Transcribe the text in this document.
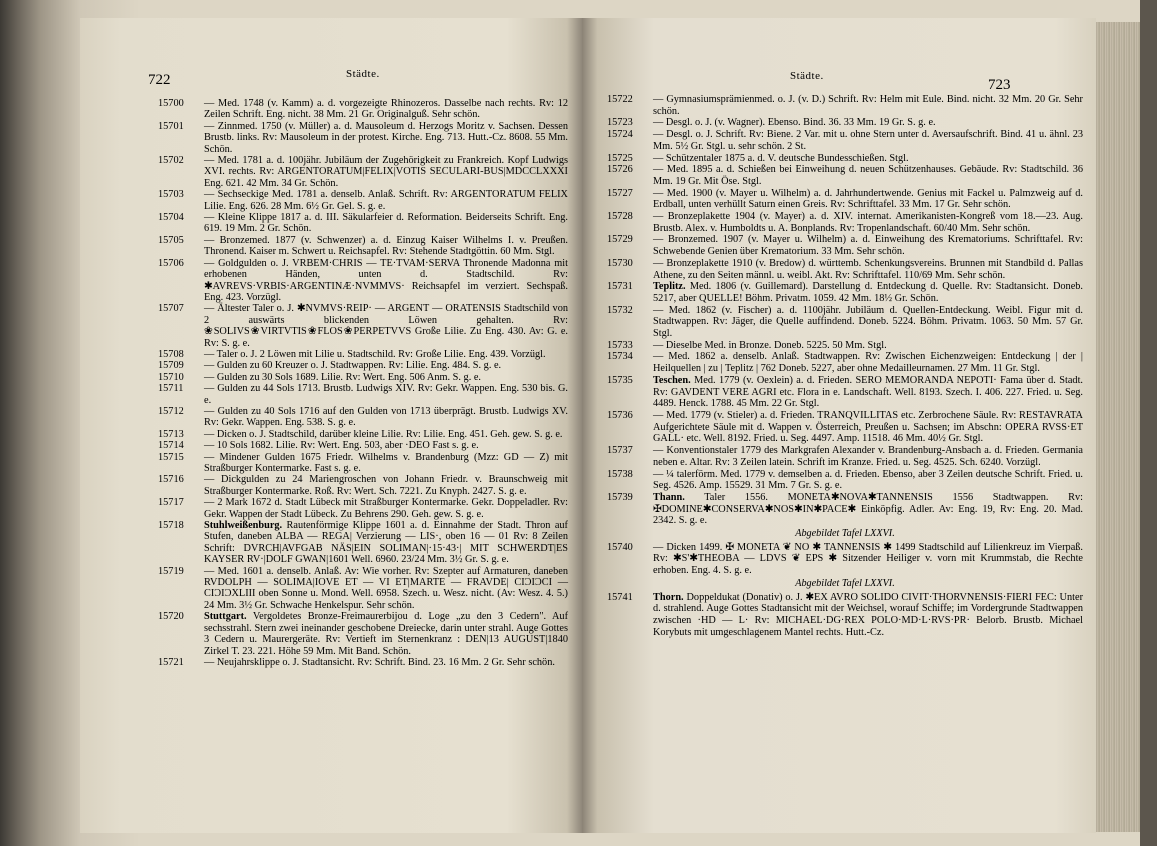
722	Städte.
723
Städte.
15700	— Med. 1748 (v. Kamm) a. d. vorgezeigte Rhinozeros. Dasselbe nach rechts. Rv: 12 Zeilen Schrift. Eng. nicht. 38 Mm. 21 Gr. Originalguß. Sehr schön.
15701	— Zinnmed. 1750 (v. Müller) a. d. Mausoleum d. Herzogs Moritz v. Sachsen. Dessen Brustb. links. Rv: Mausoleum in der protest. Kirche. Eng. 713. Hutt.-Cz. 8608. 55 Mm. Schön.
15702	— Med. 1781 a. d. 100jähr. Jubiläum der Zugehörigkeit zu Frankreich. Kopf Ludwigs XVI. rechts. Rv: ARGENTORATUM|FELIX|VOTIS SECULARI-BUS|MDCCLXXXI Eng. 621. 42 Mm. 34 Gr. Schön.
15703	— Sechseckige Med. 1781 a. denselb. Anlaß. Schrift. Rv: ARGENTORATUM FELIX Lilie. Eng. 626. 28 Mm. 6½ Gr. Gel. S. g. e.
15704	— Kleine Klippe 1817 a. d. III. Säkularfeier d. Reformation. Beiderseits Schrift. Eng. 619. 19 Mm. 2 Gr. Schön.
15705	— Bronzemed. 1877 (v. Schwenzer) a. d. Einzug Kaiser Wilhelms I. v. Preußen. Thronend. Kaiser m. Schwert u. Reichsapfel. Rv: Stehende Stadtgöttin. 60 Mm. Stgl.
15706	— Goldgulden o. J. VRBEM·CHRIS — TE·TVAM·SERVA Thronende Madonna mit erhobenen Händen, unten d. Stadtschild. Rv: ✱AVREVS·VRBIS·ARGENTINÆ·NVMMVS· Reichsapfel im verziert. Sechspaß. Eng. 423. Vorzügl.
15707	— Ältester Taler o. J. ✱NVMVS·REIP· — ARGENT — ORATENSIS Stadtschild von 2 auswärts blickenden Löwen gehalten. Rv: ❀SOLIVS❀VIRTVTIS❀FLOS❀PERPETVVS Große Lilie. Zu Eng. 430. Av: G. e. Rv: S. g. e.
15708	— Taler o. J. 2 Löwen mit Lilie u. Stadtschild. Rv: Große Lilie. Eng. 439. Vorzügl.
15709	— Gulden zu 60 Kreuzer o. J. Stadtwappen. Rv: Lilie. Eng. 484. S. g. e.
15710	— Gulden zu 30 Sols 1689. Lilie. Rv: Wert. Eng. 506 Anm. S. g. e.
15711	— Gulden zu 44 Sols 1713. Brustb. Ludwigs XIV. Rv: Gekr. Wappen. Eng. 530 bis. G. e.
15712	— Gulden zu 40 Sols 1716 auf den Gulden von 1713 überprägt. Brustb. Ludwigs XV. Rv: Gekr. Wappen. Eng. 538. S. g. e.
15713	— Dicken o. J. Stadtschild, darüber kleine Lilie. Rv: Lilie. Eng. 451. Geh. gew. S. g. e.
15714	— 10 Sols 1682. Lilie. Rv: Wert. Eng. 503, aber ·DEO Fast s. g. e.
15715	— Mindener Gulden 1675 Friedr. Wilhelms v. Brandenburg (Mzz: GD — Z) mit Straßburger Kontermarke. Fast s. g. e.
15716	— Dickgulden zu 24 Mariengroschen von Johann Friedr. v. Braunschweig mit Straßburger Kontermarke. Roß. Rv: Wert. Sch. 7221. Zu Knyph. 2427. S. g. e.
15717	— 2 Mark 1672 d. Stadt Lübeck mit Straßburger Kontermarke. Gekr. Doppeladler. Rv: Gekr. Wappen der Stadt Lübeck. Zu Behrens 290. Geh. gew. S. g. e.
15718	Stuhlweißenburg. Rautenförmige Klippe 1601 a. d. Einnahme der Stadt. Thron auf Stufen, daneben ALBA — REGA| Verzierung — LIS·, oben 16 — 01 Rv: 8 Zeilen Schrift: DVRCH|AVFGAB NÄS|EIN SOLIMAN|·15·43·| MIT SCHWERDT|ES KAYSER RV·|DOLF GWAN|1601 Well. 6960. 23/24 Mm. 3½ Gr. S. g. e.
15719	— Med. 1601 a. denselb. Anlaß. Av: Wie vorher. Rv: Szepter auf Armaturen, daneben RVDOLPH — SOLIMA|IOVE ET — VI ET|MARTE — FRAVDE| CIƆIƆCI — CIƆIƆXLIII oben Sonne u. Mond. Well. 6958. Szech. u. Wesz. nicht. (Av: Wesz. 4. 5.) 24 Mm. 3½ Gr. Schwache Henkelspur. Sehr schön.
15720	Stuttgart. Vergoldetes Bronze-Freimaurerbijou d. Loge „zu den 3 Cedern". Auf sechsstrahl. Stern zwei ineinander geschobene Dreiecke, darin unter strahl. Auge Gottes 3 Cedern u. Maurergeräte. Rv: Vertieft im Sternenkranz : DEN|13 AUGUST|1840 Zirkel T. 23. 221. Höhe 59 Mm. Mit Band. Schön.
15721	— Neujahrsklippe o. J. Stadtansicht. Rv: Schrift. Bind. 23. 16 Mm. 2 Gr. Sehr schön.
15722	— Gymnasiumsprämienmed. o. J. (v. D.) Schrift. Rv: Helm mit Eule. Bind. nicht. 32 Mm. 20 Gr. Sehr schön.
15723	— Desgl. o. J. (v. Wagner). Ebenso. Bind. 36. 33 Mm. 19 Gr. S. g. e.
15724	— Desgl. o. J. Schrift. Rv: Biene. 2 Var. mit u. ohne Stern unter d. Aversaufschrift. Bind. 41 u. ähnl. 23 Mm. 5½ Gr. Stgl. u. sehr schön. 2 St.
15725	— Schützentaler 1875 a. d. V. deutsche Bundesschießen. Stgl.
15726	— Med. 1895 a. d. Schießen bei Einweihung d. neuen Schützenhauses. Gebäude. Rv: Stadtschild. 36 Mm. 19 Gr. Mit Öse. Stgl.
15727	— Med. 1900 (v. Mayer u. Wilhelm) a. d. Jahrhundertwende. Genius mit Fackel u. Palmzweig auf d. Erdball, unten verhüllt Saturn einen Greis. Rv: Schrifttafel. 33 Mm. 17 Gr. Sehr schön.
15728	— Bronzeplakette 1904 (v. Mayer) a. d. XIV. internat. Amerikanisten-Kongreß vom 18.—23. Aug. Brustb. Alex. v. Humboldts u. A. Bonplands. Rv: Tropenlandschaft. 60/40 Mm. Sehr schön.
15729	— Bronzemed. 1907 (v. Mayer u. Wilhelm) a. d. Einweihung des Krematoriums. Schrifttafel. Rv: Schwebende Genien über Krematorium. 33 Mm. Sehr schön.
15730	— Bronzeplakette 1910 (v. Bredow) d. württemb. Schenkungsvereins. Brunnen mit Standbild d. Pallas Athene, zu den Seiten männl. u. weibl. Akt. Rv: Schrifttafel. 110/69 Mm. Sehr schön.
15731	Teplitz. Med. 1806 (v. Guillemard). Darstellung d. Entdeckung d. Quelle. Rv: Stadtansicht. Doneb. 5217, aber QUELLE! Böhm. Privatm. 1059. 42 Mm. 18½ Gr. Schön.
15732	— Med. 1862 (v. Fischer) a. d. 1100jähr. Jubiläum d. Quellen-Entdeckung. Weibl. Figur mit d. Stadtwappen. Rv: Jäger, die Quelle auffindend. Doneb. 5224. Böhm. Privatm. 1063. 50 Mm. 57 Gr. Stgl.
15733	— Dieselbe Med. in Bronze. Doneb. 5225. 50 Mm. Stgl.
15734	— Med. 1862 a. denselb. Anlaß. Stadtwappen. Rv: Zwischen Eichenzweigen: Entdeckung | der | Heilquellen | zu | Teplitz | 762 Doneb. 5227, aber ohne Medailleurnamen. 27 Mm. 11 Gr. Stgl.
15735	Teschen. Med. 1779 (v. Oexlein) a. d. Frieden. SERO MEMORANDA NEPOTI· Fama über d. Stadt. Rv: GAVDENT VERE AGRI etc. Flora in e. Landschaft. Well. 8193. Szech. I. 406. 227. Fried. u. Seg. 4489. Henck. 1788. 45 Mm. 22 Gr. Stgl.
15736	— Med. 1779 (v. Stieler) a. d. Frieden. TRANQVILLITAS etc. Zerbrochene Säule. Rv: RESTAVRATA Aufgerichtete Säule mit d. Wappen v. Österreich, Preußen u. Sachsen; im Abschn: OPERA RVSS·ET GALL· etc. Well. 8192. Fried. u. Seg. 4497. Amp. 11518. 46 Mm. 40½ Gr. Stgl.
15737	— Konventionstaler 1779 des Markgrafen Alexander v. Brandenburg-Ansbach a. d. Frieden. Germania neben e. Altar. Rv: 3 Zeilen latein. Schrift im Kranze. Fried. u. Seg. 4525. Sch. 6240. Vorzügl.
15738	— ¼ talerförm. Med. 1779 v. demselben a. d. Frieden. Ebenso, aber 3 Zeilen deutsche Schrift. Fried. u. Seg. 4526. Amp. 15529. 31 Mm. 7 Gr. S. g. e.
15739	Thann. Taler 1556. MONETA✱NOVA✱TANNENSIS 1556 Stadtwappen. Rv: ✠DOMINE✱CONSERVA✱NOS✱IN✱PACE✱ Einköpfig. Adler. Av: Eng. 19, Rv: Eng. 20. Mad. 2342. S. g. e.
Abgebildet Tafel LXXVI.
15740	— Dicken 1499. ✠ MONETA ❦ NO ✱ TANNENSIS ✱ 1499 Stadtschild auf Lilienkreuz im Vierpaß. Rv: ✱S'✱THEOBA — LDVS ❦ EPS ✱ Sitzender Heiliger v. vorn mit Krummstab, die Rechte erhoben. Eng. 4. S. g. e.
Abgebildet Tafel LXXVI.
15741	Thorn. Doppeldukat (Donativ) o. J. ✱EX AVRO SOLIDO CIVIT·THORVNENSIS·FIERI FEC: Unter d. strahlend. Auge Gottes Stadtansicht mit der Weichsel, worauf Schiffe; im Vordergrunde Stadtwappen zwischen ·HD — L· Rv: MICHAEL·DG·REX POLO·MD·L·RVS·PR· Belorb. Brustb. Michael Korybuts mit umgeschlagenem Mantel rechts. Hutt.-Cz.
